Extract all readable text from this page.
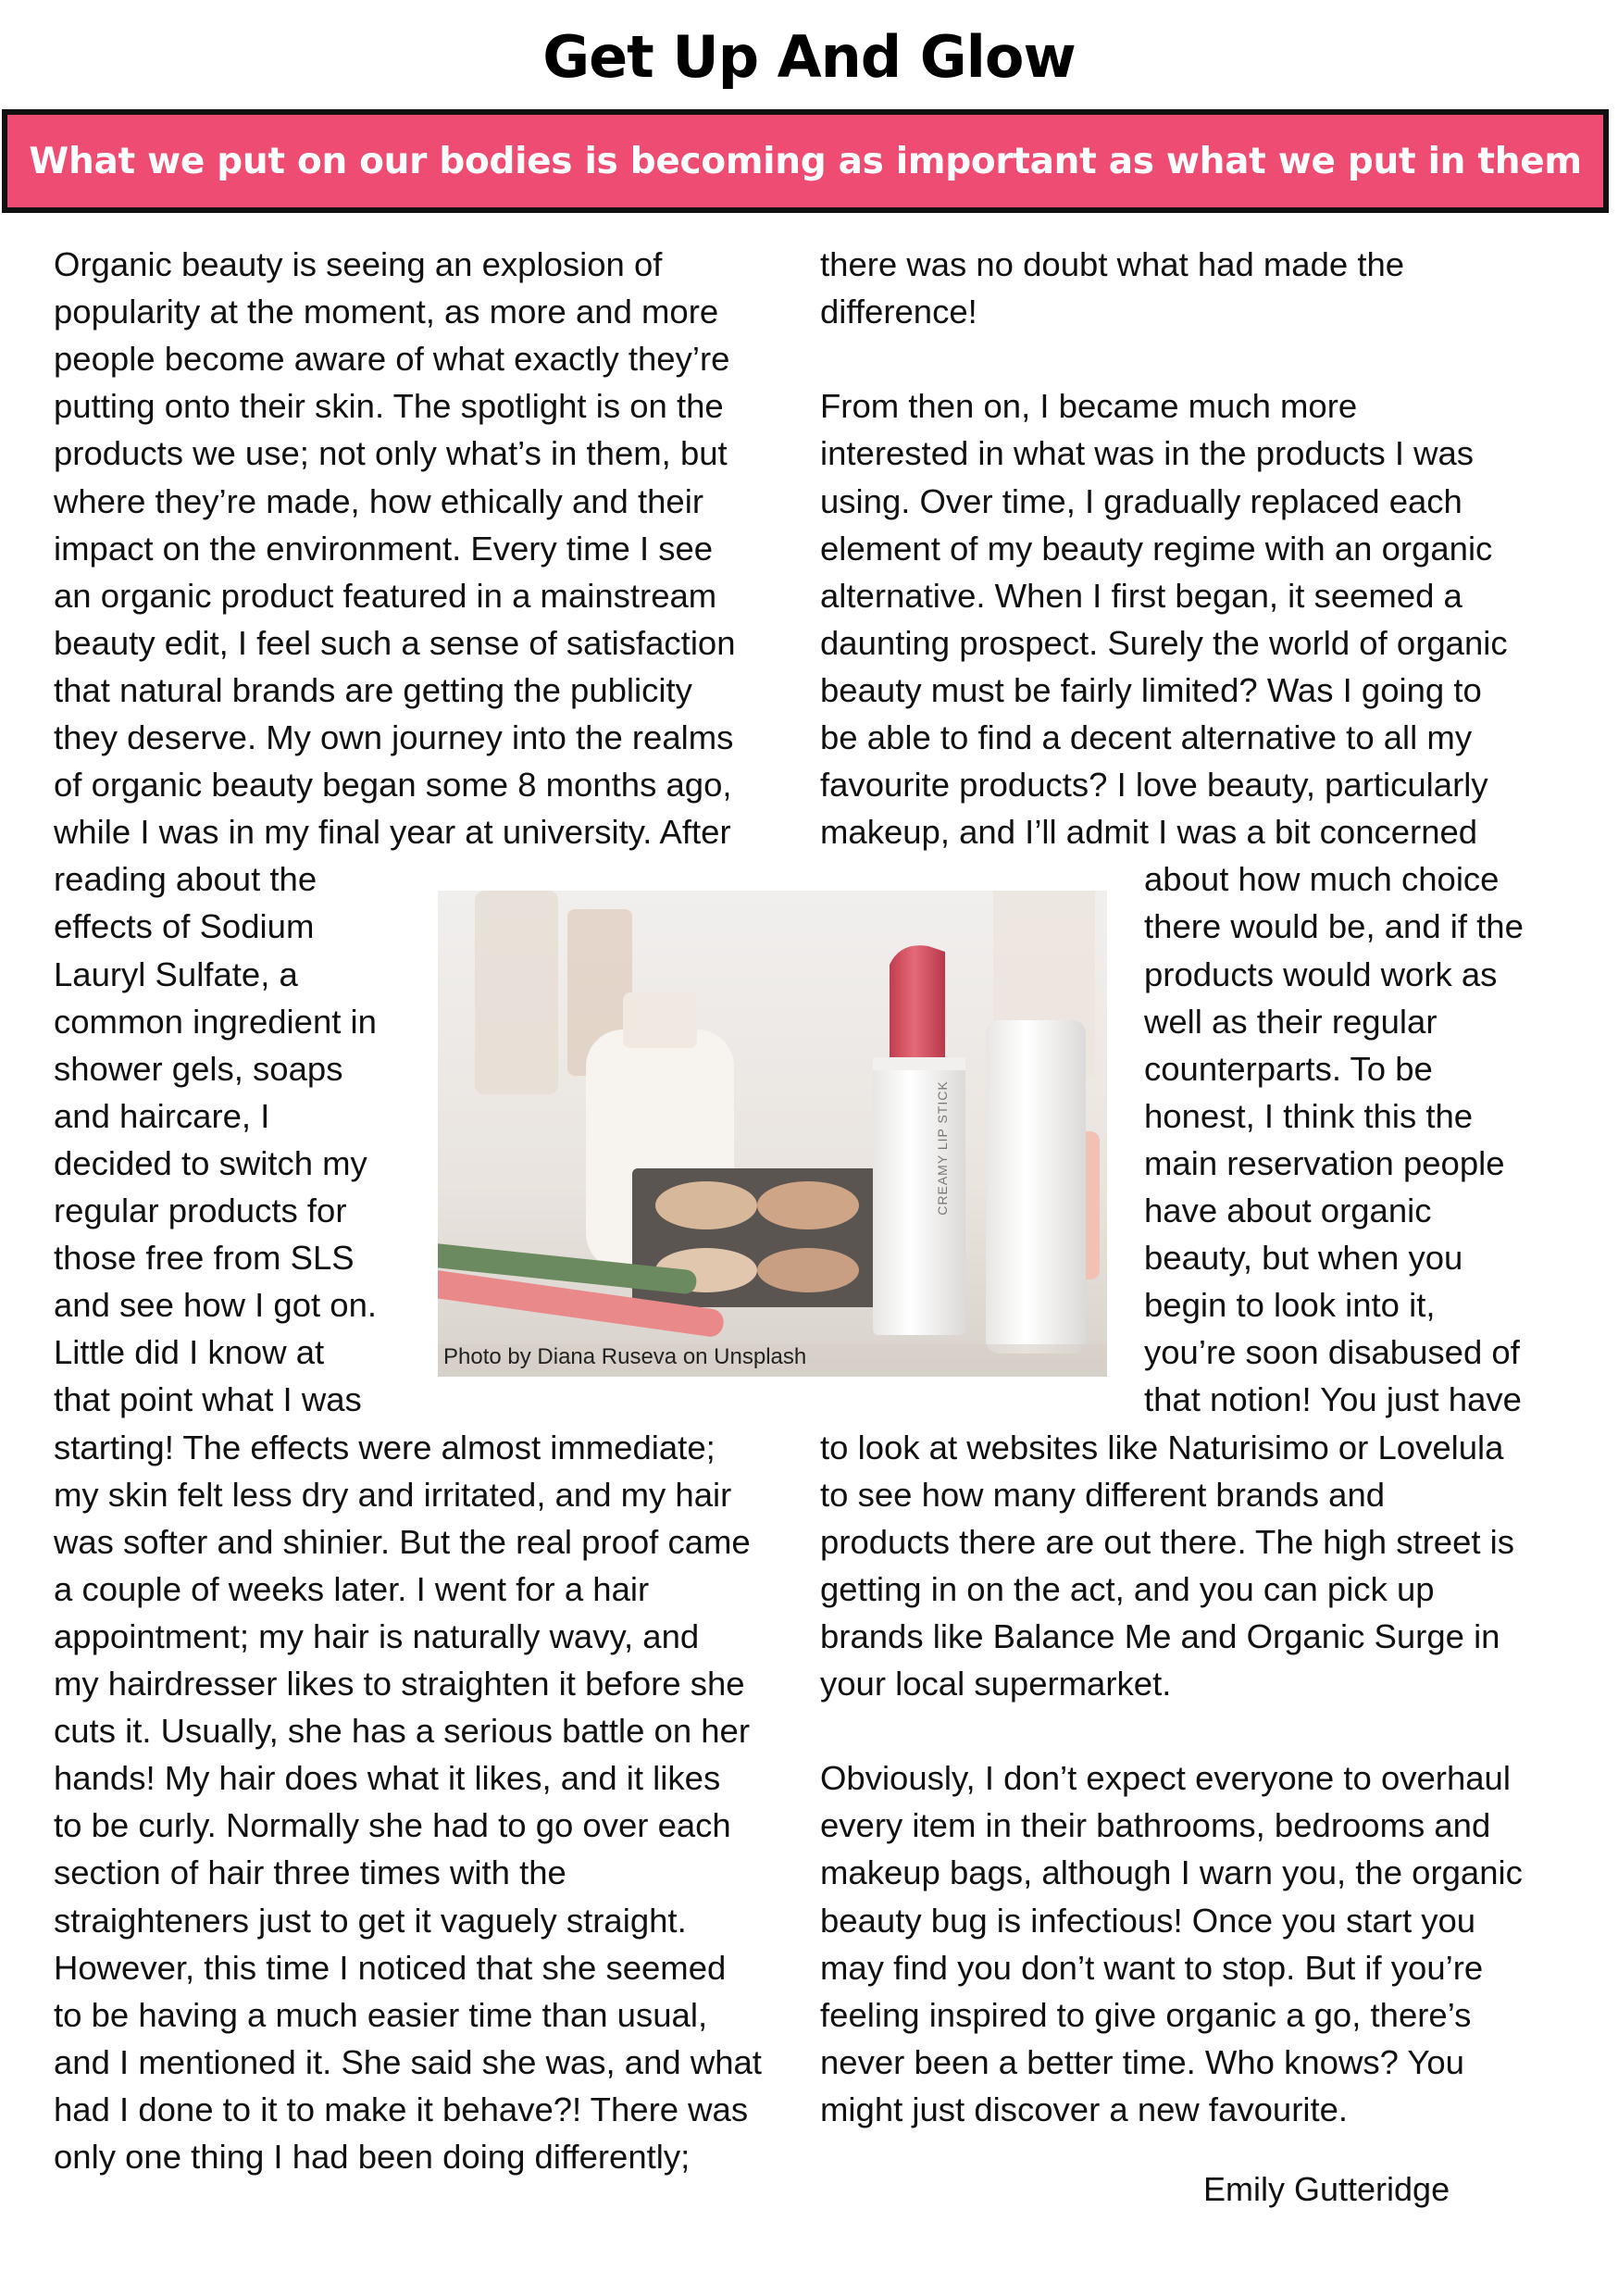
Get Up And Glow
What we put on our bodies is becoming as important as what we put in them
Organic beauty is seeing an explosion of
popularity at the moment, as more and more
people become aware of what exactly they’re
putting onto their skin. The spotlight is on the
products we use; not only what’s in them, but
where they’re made, how ethically and their
impact on the environment. Every time I see
an organic product featured in a mainstream
beauty edit, I feel such a sense of satisfaction
that natural brands are getting the publicity
they deserve. My own journey into the realms
of organic beauty began some 8 months ago,
while I was in my final year at university. After
reading about the
effects of Sodium
Lauryl Sulfate, a
common ingredient in
shower gels, soaps
and haircare, I
decided to switch my
regular products for
those free from SLS
and see how I got on.
Little did I know at
that point what I was
starting! The effects were almost immediate;
my skin felt less dry and irritated, and my hair
was softer and shinier. But the real proof came
a couple of weeks later. I went for a hair
appointment; my hair is naturally wavy, and
my hairdresser likes to straighten it before she
cuts it. Usually, she has a serious battle on her
hands! My hair does what it likes, and it likes
to be curly. Normally she had to go over each
section of hair three times with the
straighteners just to get it vaguely straight.
However, this time I noticed that she seemed
to be having a much easier time than usual,
and I mentioned it. She said she was, and what
had I done to it to make it behave?! There was
only one thing I had been doing differently;
there was no doubt what had made the
difference!
From then on, I became much more
interested in what was in the products I was
using. Over time, I gradually replaced each
element of my beauty regime with an organic
alternative. When I first began, it seemed a
daunting prospect. Surely the world of organic
beauty must be fairly limited? Was I going to
be able to find a decent alternative to all my
favourite products? I love beauty, particularly
makeup, and I’ll admit I was a bit concerned
about how much choice
there would be, and if the
products would work as
well as their regular
counterparts. To be
honest, I think this the
main reservation people
have about organic
beauty, but when you
begin to look into it,
you’re soon disabused of
that notion! You just have
to look at websites like Naturisimo or Lovelula
to see how many different brands and
products there are out there. The high street is
getting in on the act, and you can pick up
brands like Balance Me and Organic Surge in
your local supermarket.
Obviously, I don’t expect everyone to overhaul
every item in their bathrooms, bedrooms and
makeup bags, although I warn you, the organic
beauty bug is infectious! Once you start you
may find you don’t want to stop. But if you’re
feeling inspired to give organic a go, there’s
never been a better time. Who knows? You
might just discover a new favourite.
Photo by Diana Ruseva on Unsplash
CREAMY LIP STICK
Emily Gutteridge
